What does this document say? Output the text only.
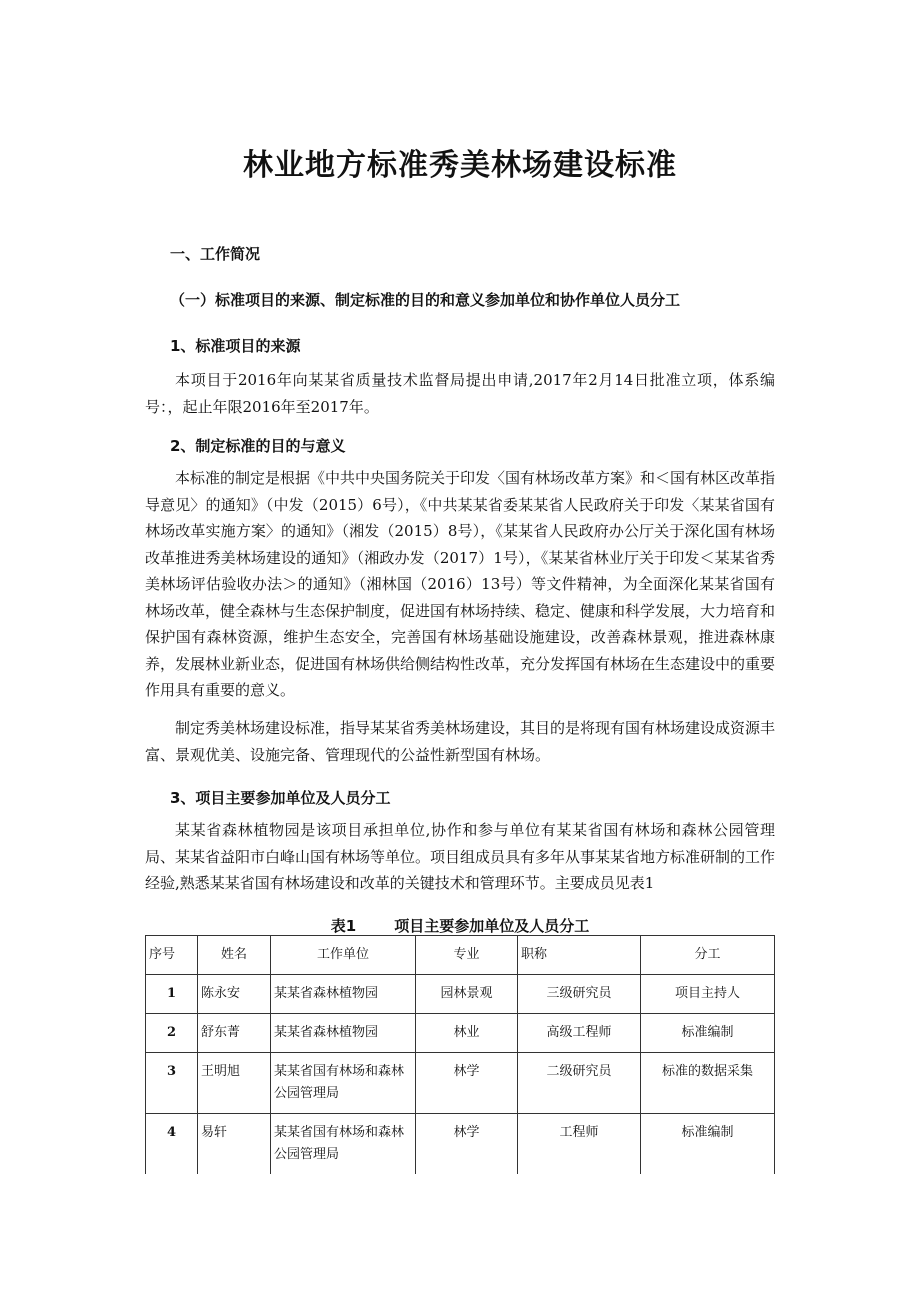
林业地方标准秀美林场建设标准
一、工作简况
（一）标准项目的来源、制定标准的目的和意义参加单位和协作单位人员分工
1、标准项目的来源
本项目于2016年向某某省质量技术监督局提出申请,2017年2月14日批准立项，体系编号：，起止年限2016年至2017年。
2、制定标准的目的与意义
本标准的制定是根据《中共中央国务院关于印发〈国有林场改革方案》和＜国有林区改革指导意见〉的通知》（中发（2015）6号），《中共某某省委某某省人民政府关于印发〈某某省国有林场改革实施方案〉的通知》（湘发（2015）8号），《某某省人民政府办公厅关于深化国有林场改革推进秀美林场建设的通知》（湘政办发（2017）1号），《某某省林业厅关于印发＜某某省秀美林场评估验收办法＞的通知》（湘林国（2016）13号）等文件精神，为全面深化某某省国有林场改革，健全森林与生态保护制度，促进国有林场持续、稳定、健康和科学发展，大力培育和保护国有森林资源，维护生态安全，完善国有林场基础设施建设，改善森林景观，推进森林康养，发展林业新业态，促进国有林场供给侧结构性改革，充分发挥国有林场在生态建设中的重要作用具有重要的意义。
制定秀美林场建设标准，指导某某省秀美林场建设，其目的是将现有国有林场建设成资源丰富、景观优美、设施完备、管理现代的公益性新型国有林场。
3、项目主要参加单位及人员分工
某某省森林植物园是该项目承担单位,协作和参与单位有某某省国有林场和森林公园管理局、某某省益阳市白峰山国有林场等单位。项目组成员具有多年从事某某省地方标准研制的工作经验,熟悉某某省国有林场建设和改革的关键技术和管理环节。主要成员见表1
表1	项目主要参加单位及人员分工
序号	姓名	工作单位	专业	职称	分工
1	陈永安	某某省森林植物园	园林景观	三级研究员	项目主持人
2	舒东菁	某某省森林植物园	林业	高级工程师	标准编制
3	王明旭	某某省国有林场和森林公园管理局	林学	二级研究员	标准的数据采集
4	易轩	某某省国有林场和森林公园管理局	林学	工程师	标准编制
